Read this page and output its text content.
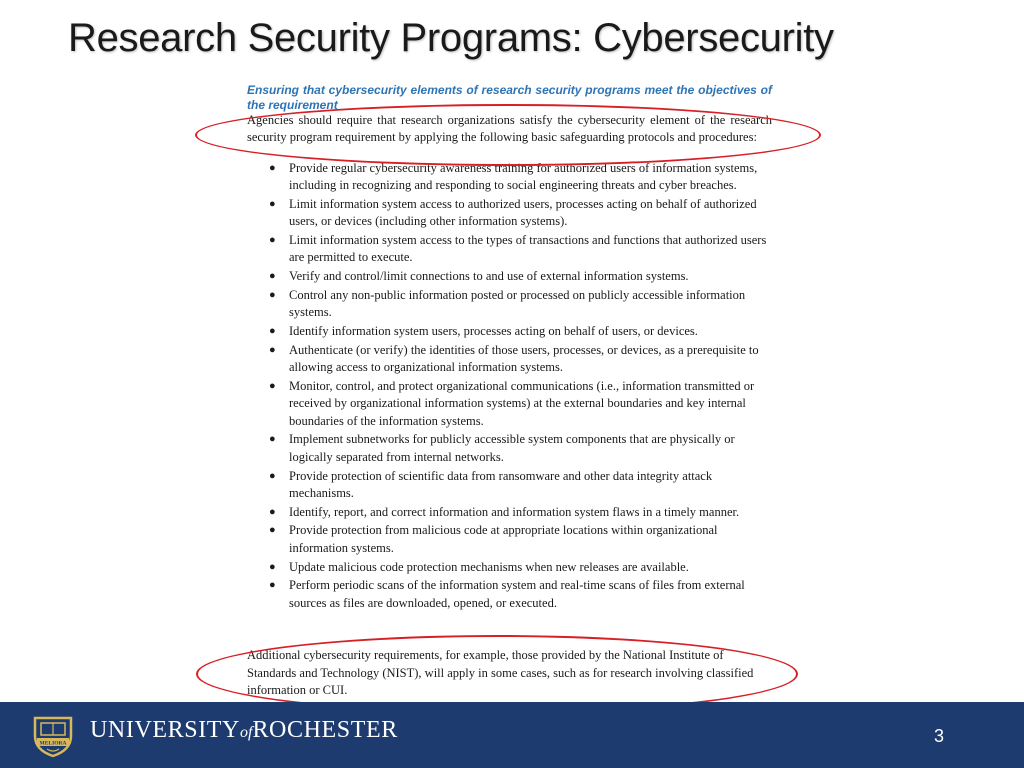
Research Security Programs: Cybersecurity
Ensuring that cybersecurity elements of research security programs meet the objectives of the requirement
Agencies should require that research organizations satisfy the cybersecurity element of the research security program requirement by applying the following basic safeguarding protocols and procedures:
● Provide regular cybersecurity awareness training for authorized users of information systems, including in recognizing and responding to social engineering threats and cyber breaches.
● Limit information system access to authorized users, processes acting on behalf of authorized users, or devices (including other information systems).
● Limit information system access to the types of transactions and functions that authorized users are permitted to execute.
● Verify and control/limit connections to and use of external information systems.
● Control any non-public information posted or processed on publicly accessible information systems.
● Identify information system users, processes acting on behalf of users, or devices.
● Authenticate (or verify) the identities of those users, processes, or devices, as a prerequisite to allowing access to organizational information systems.
● Monitor, control, and protect organizational communications (i.e., information transmitted or received by organizational information systems) at the external boundaries and key internal boundaries of the information systems.
● Implement subnetworks for publicly accessible system components that are physically or logically separated from internal networks.
● Provide protection of scientific data from ransomware and other data integrity attack mechanisms.
● Identify, report, and correct information and information system flaws in a timely manner.
● Provide protection from malicious code at appropriate locations within organizational information systems.
● Update malicious code protection mechanisms when new releases are available.
● Perform periodic scans of the information system and real-time scans of files from external sources as files are downloaded, opened, or executed.
Additional cybersecurity requirements, for example, those provided by the National Institute of Standards and Technology (NIST), will apply in some cases, such as for research involving classified information or CUI.
MELIORA
UNIVERSITYofROCHESTER	3
